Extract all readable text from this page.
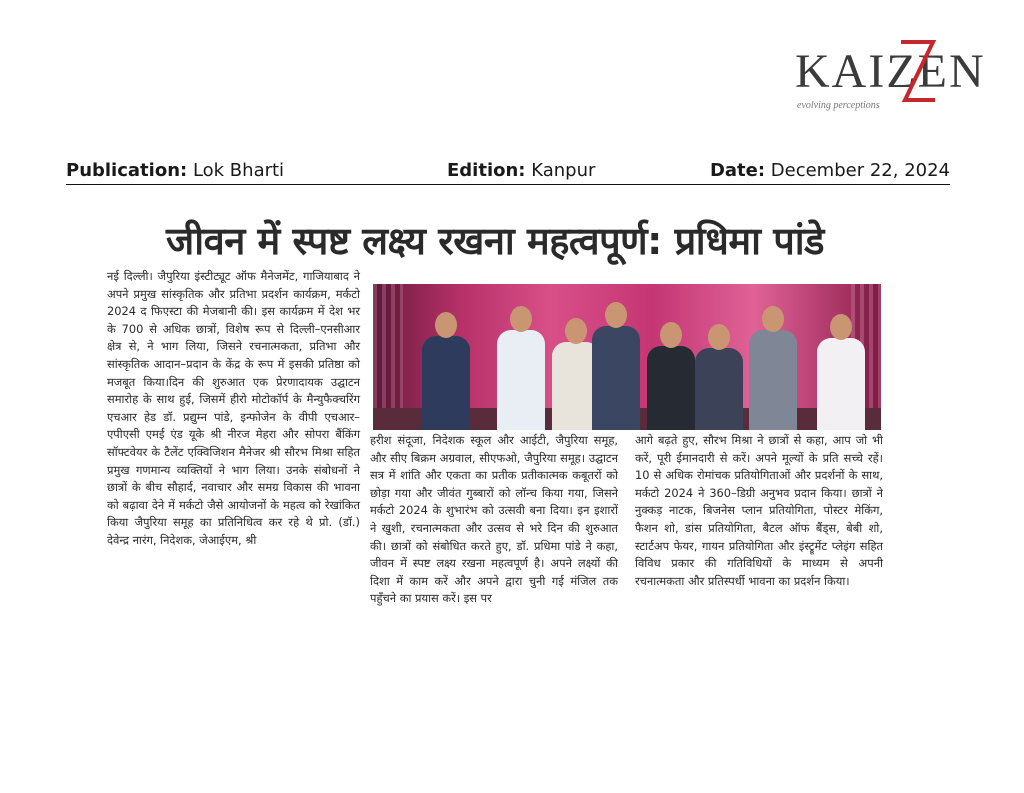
KAIZEN
evolving perceptions
Publication: Lok Bharti	Edition: Kanpur	Date: December 22, 2024
जीवन में स्पष्ट लक्ष्य रखना महत्वपूर्ण: प्रधिमा पांडे
नई दिल्ली। जैपुरिया इंस्टीट्यूट ऑफ मैनेजमेंट, गाजियाबाद ने अपने प्रमुख सांस्कृतिक और प्रतिभा प्रदर्शन कार्यक्रम, मर्कटो 2024 द फिएस्टा की मेजबानी की। इस कार्यक्रम में देश भर के 700 से अधिक छात्रों, विशेष रूप से दिल्ली–एनसीआर क्षेत्र से, ने भाग लिया, जिसने रचनात्मकता, प्रतिभा और सांस्कृतिक आदान–प्रदान के केंद्र के रूप में इसकी प्रतिष्ठा को मजबूत किया।दिन की शुरुआत एक प्रेरणादायक उद्घाटन समारोह के साथ हुई, जिसमें हीरो मोटोकॉर्प के मैन्युफैक्चरिंग एचआर हेड डॉ. प्रद्युम्न पांडे, इन्फोजेन के वीपी एचआर–एपीएसी एमई एंड यूके श्री नीरज मेहरा और सोपरा बैंकिंग सॉफ्टवेयर के टैलेंट एक्विजिशन मैनेजर श्री सौरभ मिश्रा सहित प्रमुख गणमान्य व्यक्तियों ने भाग लिया। उनके संबोधनों ने छात्रों के बीच सौहार्द, नवाचार और समग्र विकास की भावना को बढ़ावा देने में मर्कटो जैसे आयोजनों के महत्व को रेखांकित किया जैपुरिया समूह का प्रतिनिधित्व कर रहे थे प्रो. (डॉ.) देवेन्द्र नारंग, निदेशक, जेआईएम, श्री
हरीश संदूजा, निदेशक स्कूल और आईटी, जैपुरिया समूह, और सीए बिक्रम अग्रवाल, सीएफओ, जैपुरिया समूह। उद्घाटन सत्र में शांति और एकता का प्रतीक प्रतीकात्मक कबूतरों को छोड़ा गया और जीवंत गुब्बारों को लॉन्च किया गया, जिसने मर्कटो 2024 के शुभारंभ को उत्सवी बना दिया। इन इशारों ने खुशी, रचनात्मकता और उत्सव से भरे दिन की शुरुआत की। छात्रों को संबोधित करते हुए, डॉ. प्रधिमा पांडे ने कहा, जीवन में स्पष्ट लक्ष्य रखना महत्वपूर्ण है। अपने लक्ष्यों की दिशा में काम करें और अपने द्वारा चुनी गई मंजिल तक पहुँचने का प्रयास करें। इस पर
आगे बढ़ते हुए, सौरभ मिश्रा ने छात्रों से कहा, आप जो भी करें, पूरी ईमानदारी से करें। अपने मूल्यों के प्रति सच्चे रहें। 10 से अधिक रोमांचक प्रतियोगिताओं और प्रदर्शनों के साथ, मर्कटो 2024 ने 360–डिग्री अनुभव प्रदान किया। छात्रों ने नुक्कड़ नाटक, बिजनेस प्लान प्रतियोगिता, पोस्टर मेकिंग, फैशन शो, डांस प्रतियोगिता, बैटल ऑफ बैंड्स, बेबी शो, स्टार्टअप फेयर, गायन प्रतियोगिता और इंस्ट्रूमेंट प्लेइंग सहित विविध प्रकार की गतिविधियों के माध्यम से अपनी रचनात्मकता और प्रतिस्पर्धी भावना का प्रदर्शन किया।
